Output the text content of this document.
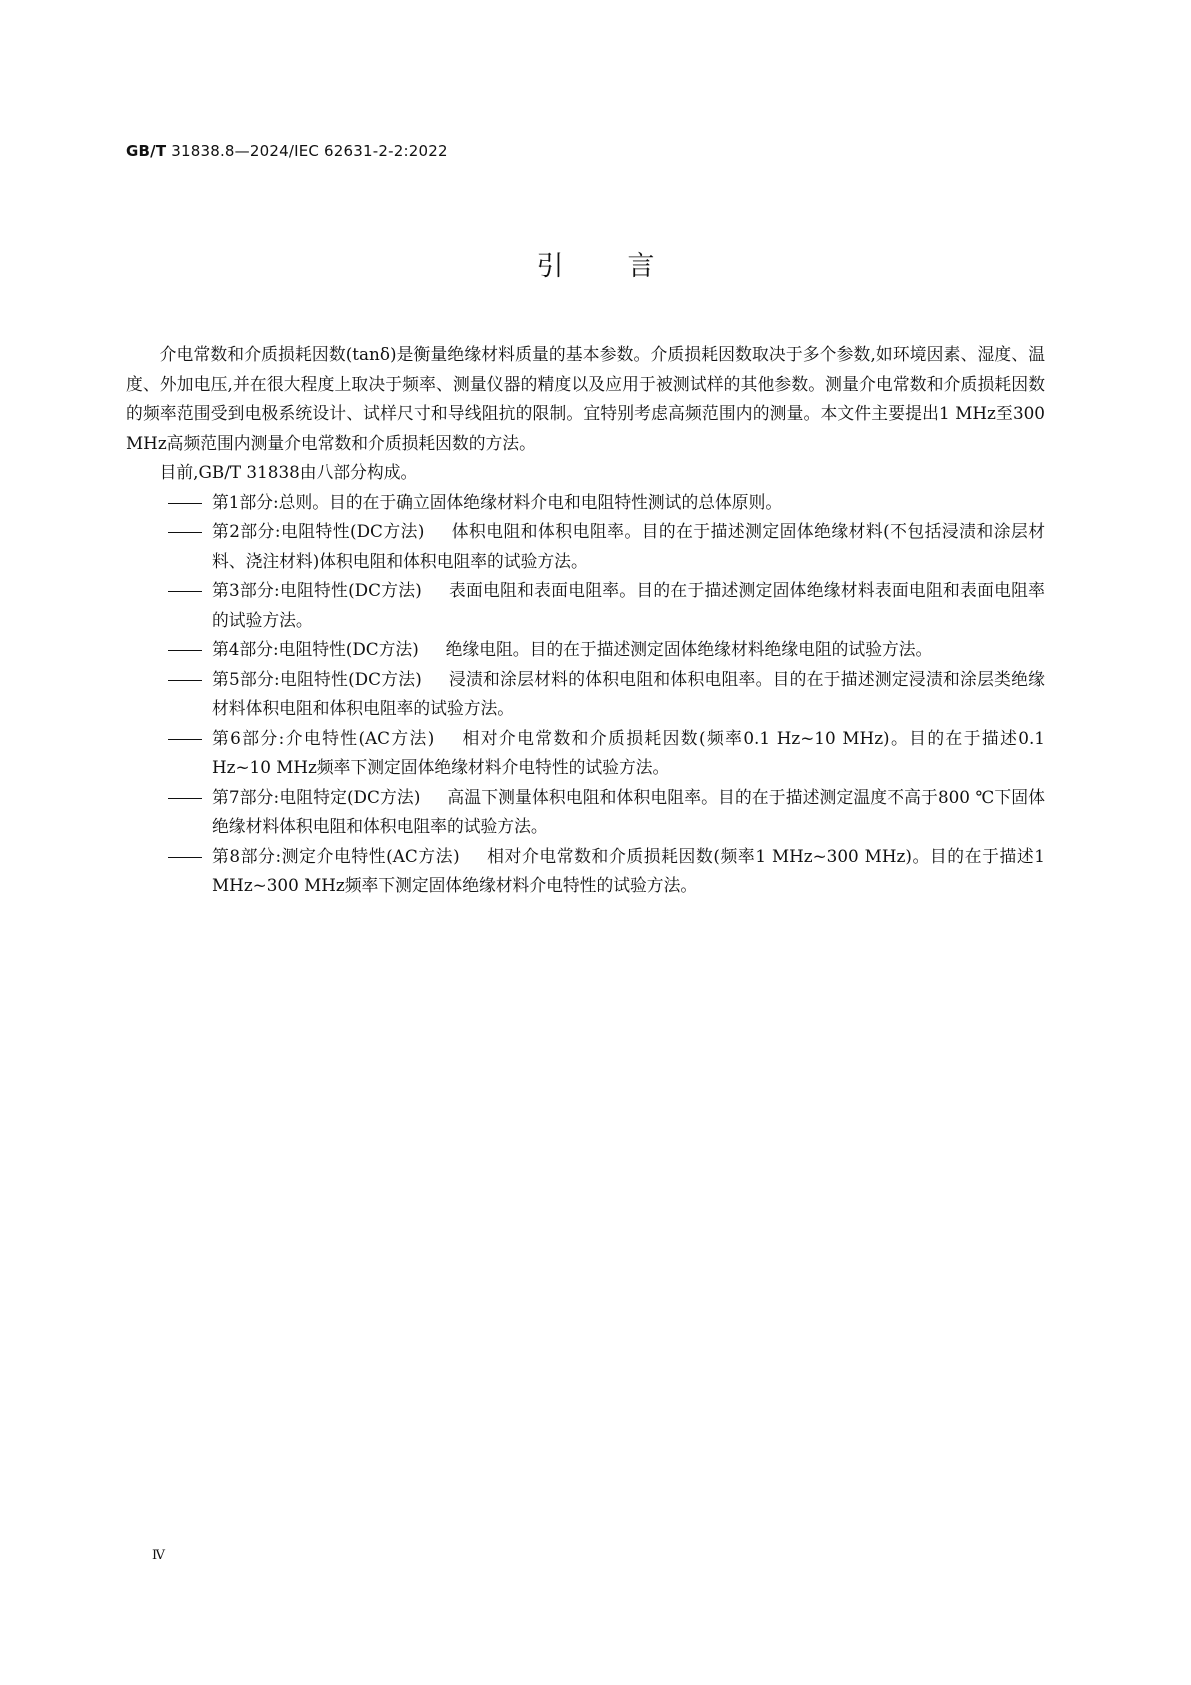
GB/T 31838.8—2024/IEC 62631-2-2:2022
引言

介电常数和介质损耗因数(tanδ)是衡量绝缘材料质量的基本参数。介质损耗因数取决于多个参数,如环境因素、湿度、温度、外加电压,并在很大程度上取决于频率、测量仪器的精度以及应用于被测试样的其他参数。测量介电常数和介质损耗因数的频率范围受到电极系统设计、试样尺寸和导线阻抗的限制。宜特别考虑高频范围内的测量。本文件主要提出1 MHz至300 MHz高频范围内测量介电常数和介质损耗因数的方法。

目前,GB/T 31838由八部分构成。

第1部分:总则。目的在于确立固体绝缘材料介电和电阻特性测试的总体原则。
第2部分:电阻特性(DC方法) 体积电阻和体积电阻率。目的在于描述测定固体绝缘材料(不包括浸渍和涂层材料、浇注材料)体积电阻和体积电阻率的试验方法。
第3部分:电阻特性(DC方法) 表面电阻和表面电阻率。目的在于描述测定固体绝缘材料表面电阻和表面电阻率的试验方法。
第4部分:电阻特性(DC方法) 绝缘电阻。目的在于描述测定固体绝缘材料绝缘电阻的试验方法。
第5部分:电阻特性(DC方法) 浸渍和涂层材料的体积电阻和体积电阻率。目的在于描述测定浸渍和涂层类绝缘材料体积电阻和体积电阻率的试验方法。
第6部分:介电特性(AC方法) 相对介电常数和介质损耗因数(频率0.1 Hz~10 MHz)。目的在于描述0.1 Hz~10 MHz频率下测定固体绝缘材料介电特性的试验方法。
第7部分:电阻特定(DC方法) 高温下测量体积电阻和体积电阻率。目的在于描述测定温度不高于800 ℃下固体绝缘材料体积电阻和体积电阻率的试验方法。
第8部分:测定介电特性(AC方法) 相对介电常数和介质损耗因数(频率1 MHz~300 MHz)。目的在于描述1 MHz~300 MHz频率下测定固体绝缘材料介电特性的试验方法。
Ⅳ
